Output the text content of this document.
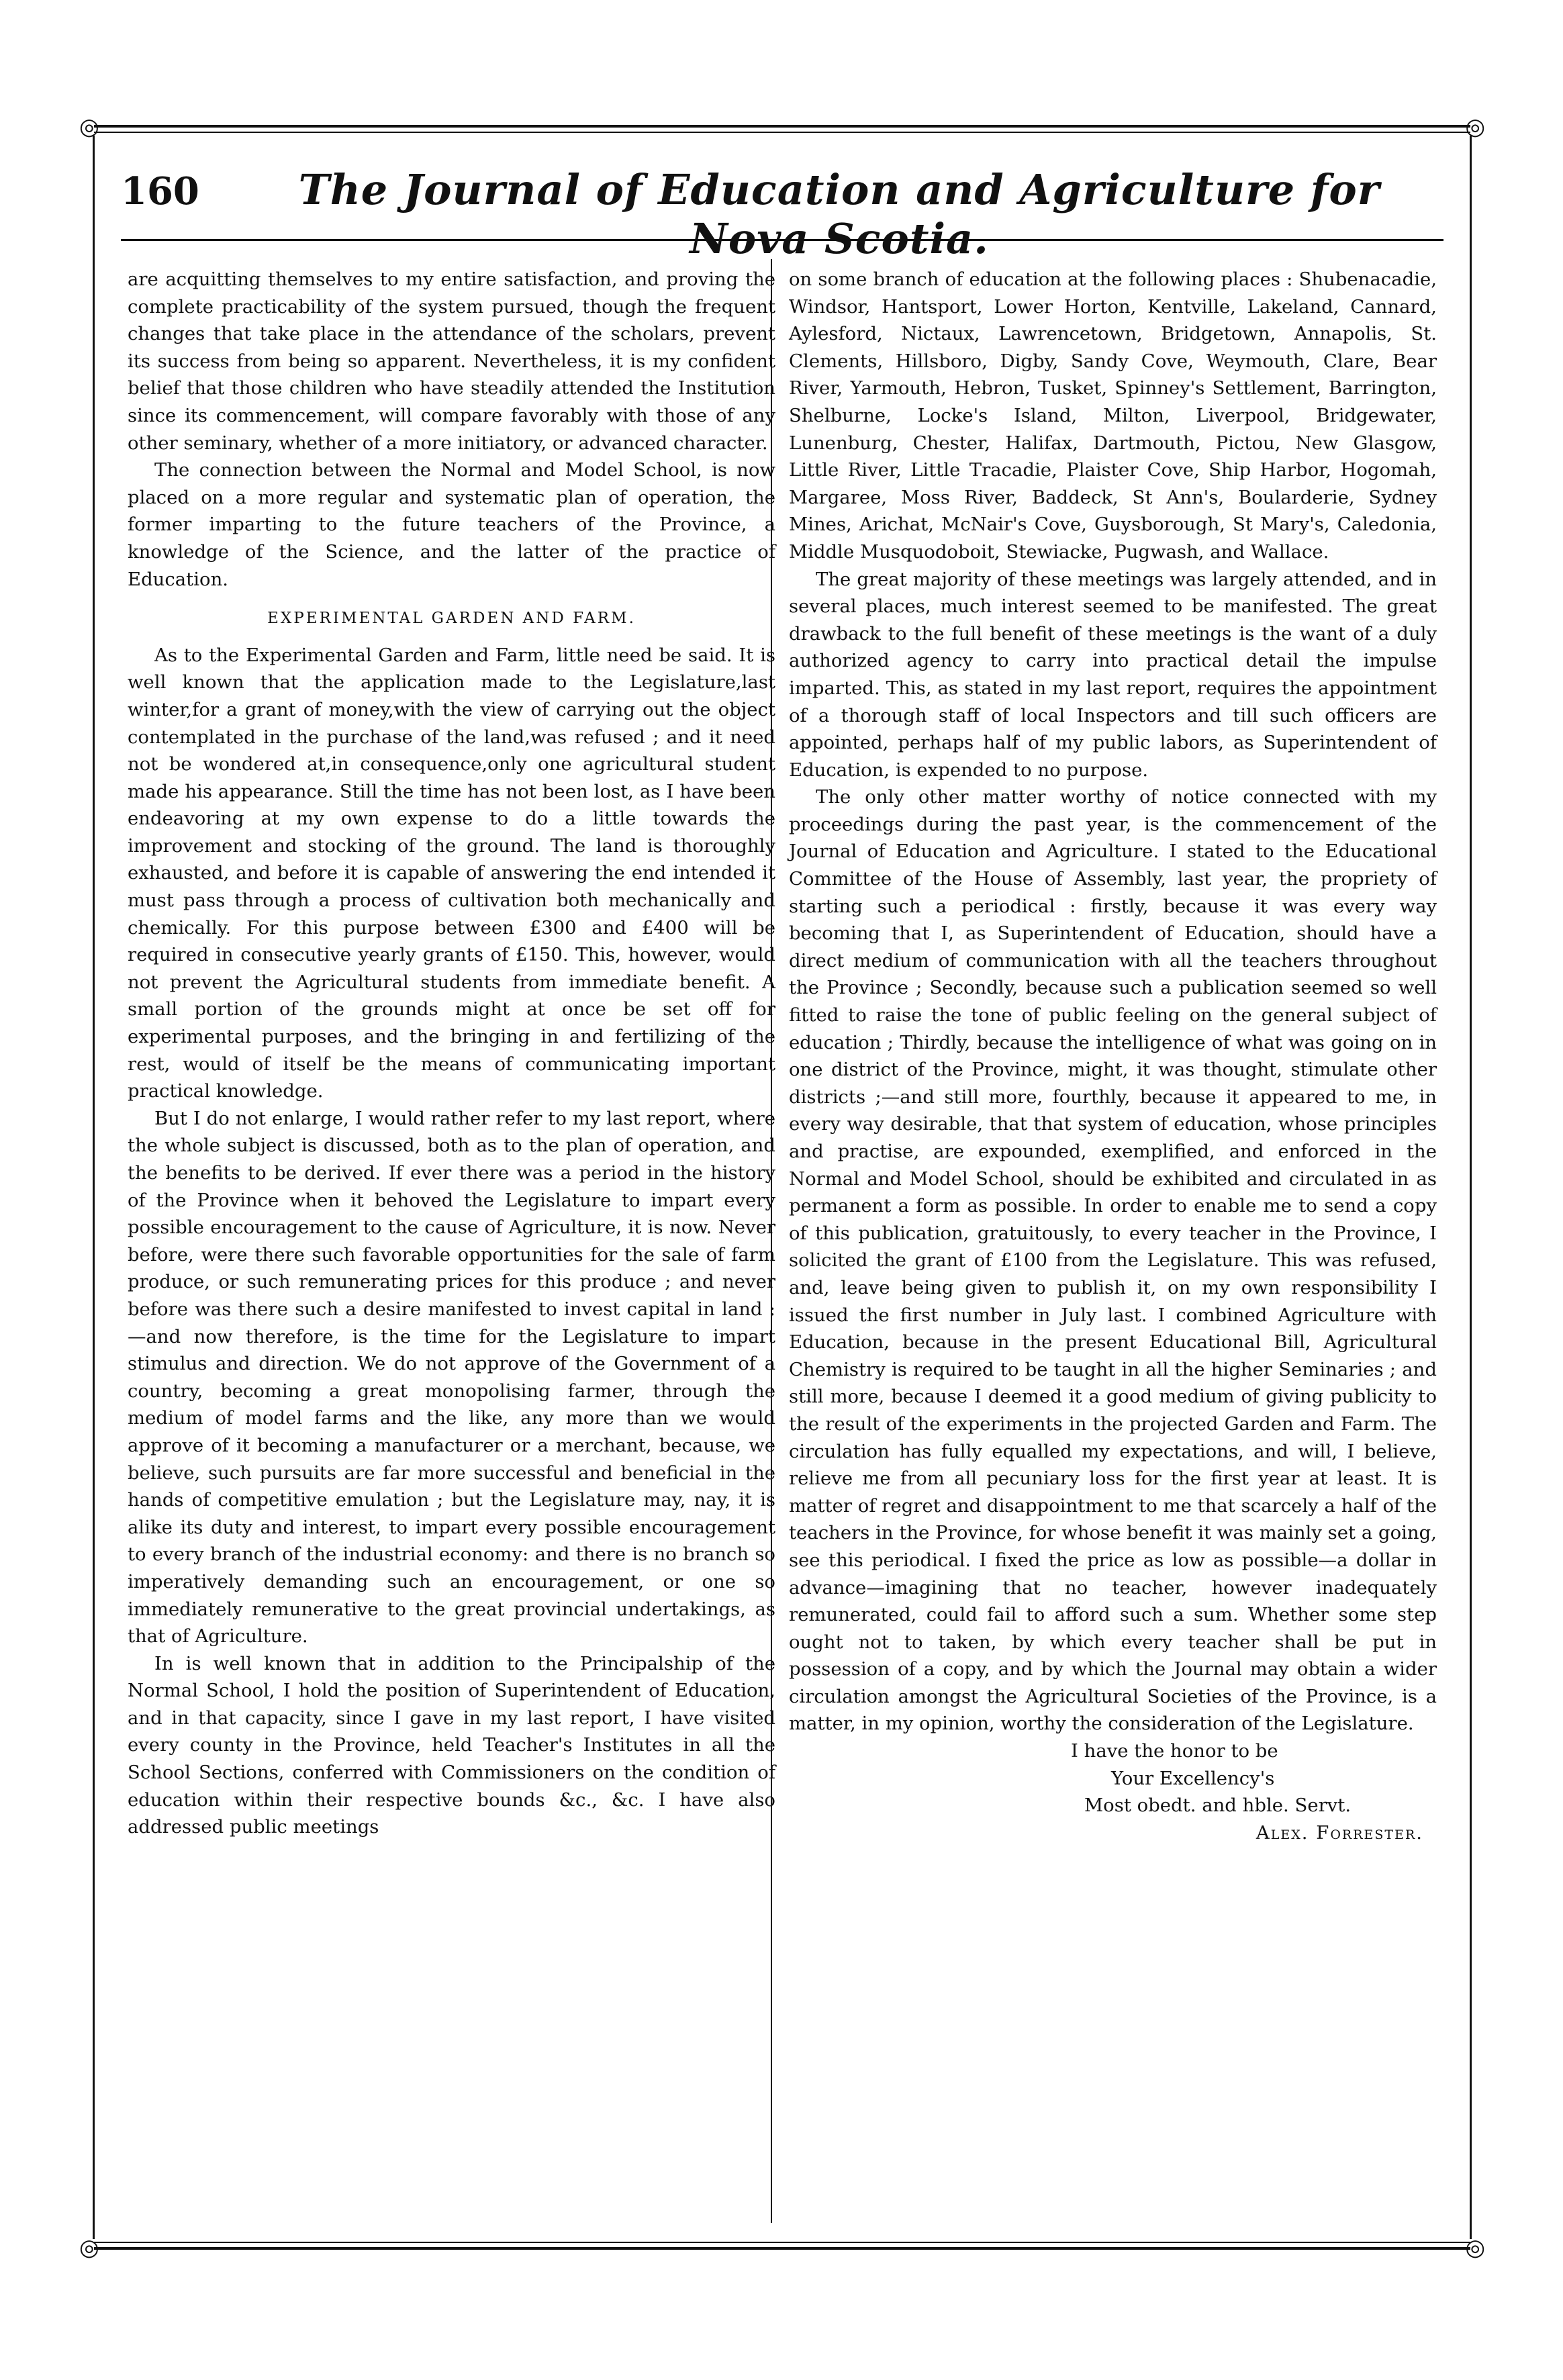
◎	◎
160	The Journal of Education and Agriculture for Nova Scotia.

are acquitting themselves to my entire satisfaction, and proving the complete practicability of the system pursued, though the frequent changes that take place in the attendance of the scholars, prevent its success from being so apparent. Nevertheless, it is my confident belief that those children who have steadily attended the Institution since its commencement, will compare favorably with those of any other seminary, whether of a more initiatory, or advanced character.

The connection between the Normal and Model School, is now placed on a more regular and systematic plan of operation, the former imparting to the future teachers of the Province, a knowledge of the Science, and the latter of the practice of Education.

EXPERIMENTAL GARDEN AND FARM.

As to the Experimental Garden and Farm, little need be said. It is well known that the application made to the Legislature,last winter,for a grant of money,with the view of carrying out the object contemplated in the purchase of the land,was refused ; and it need not be wondered at,in consequence,only one agricultural student made his appearance. Still the time has not been lost, as I have been endeavoring at my own expense to do a little towards the improvement and stocking of the ground. The land is thoroughly exhausted, and before it is capable of answering the end intended it must pass through a process of cultivation both mechanically and chemically. For this purpose between £300 and £400 will be required in consecutive yearly grants of £150. This, however, would not prevent the Agricultural students from immediate benefit. A small portion of the grounds might at once be set off for experimental purposes, and the bringing in and fertilizing of the rest, would of itself be the means of communicating important practical knowledge.

But I do not enlarge, I would rather refer to my last report, where the whole subject is discussed, both as to the plan of operation, and the benefits to be derived. If ever there was a period in the history of the Province when it behoved the Legislature to impart every possible encouragement to the cause of Agriculture, it is now. Never before, were there such favorable opportunities for the sale of farm produce, or such remunerating prices for this produce ; and never before was there such a desire manifested to invest capital in land :—and now therefore, is the time for the Legislature to impart stimulus and direction. We do not approve of the Government of a country, becoming a great monopolising farmer, through the medium of model farms and the like, any more than we would approve of it becoming a manufacturer or a merchant, because, we believe, such pursuits are far more successful and beneficial in the hands of competitive emulation ; but the Legislature may, nay, it is alike its duty and interest, to impart every possible encouragement to every branch of the industrial economy: and there is no branch so imperatively demanding such an encouragement, or one so immediately remunerative to the great provincial undertakings, as that of Agriculture.

In is well known that in addition to the Principalship of the Normal School, I hold the position of Superintendent of Education, and in that capacity, since I gave in my last report, I have visited every county in the Province, held Teacher's Institutes in all the School Sections, conferred with Commissioners on the condition of education within their respective bounds &c., &c. I have also addressed public meetings

on some branch of education at the following places : Shubenacadie, Windsor, Hantsport, Lower Horton, Kentville, Lakeland, Cannard, Aylesford, Nictaux, Lawrencetown, Bridgetown, Annapolis, St. Clements, Hillsboro, Digby, Sandy Cove, Weymouth, Clare, Bear River, Yarmouth, Hebron, Tusket, Spinney's Settlement, Barrington, Shelburne, Locke's Island, Milton, Liverpool, Bridgewater, Lunenburg, Chester, Halifax, Dartmouth, Pictou, New Glasgow, Little River, Little Tracadie, Plaister Cove, Ship Harbor, Hogomah, Margaree, Moss River, Baddeck, St Ann's, Boularderie, Sydney Mines, Arichat, McNair's Cove, Guysborough, St Mary's, Caledonia, Middle Musquodoboit, Stewiacke, Pugwash, and Wallace.

The great majority of these meetings was largely attended, and in several places, much interest seemed to be manifested. The great drawback to the full benefit of these meetings is the want of a duly authorized agency to carry into practical detail the impulse imparted. This, as stated in my last report, requires the appointment of a thorough staff of local Inspectors and till such officers are appointed, perhaps half of my public labors, as Superintendent of Education, is expended to no purpose.

The only other matter worthy of notice connected with my proceedings during the past year, is the commencement of the Journal of Education and Agriculture. I stated to the Educational Committee of the House of Assembly, last year, the propriety of starting such a periodical : firstly, because it was every way becoming that I, as Superintendent of Education, should have a direct medium of communication with all the teachers throughout the Province ; Secondly, because such a publication seemed so well fitted to raise the tone of public feeling on the general subject of education ; Thirdly, because the intelligence of what was going on in one district of the Province, might, it was thought, stimulate other districts ;—and still more, fourthly, because it appeared to me, in every way desirable, that that system of education, whose principles and practise, are expounded, exemplified, and enforced in the Normal and Model School, should be exhibited and circulated in as permanent a form as possible. In order to enable me to send a copy of this publication, gratuitously, to every teacher in the Province, I solicited the grant of £100 from the Legislature. This was refused, and, leave being given to publish it, on my own responsibility I issued the first number in July last. I combined Agriculture with Education, because in the present Educational Bill, Agricultural Chemistry is required to be taught in all the higher Seminaries ; and still more, because I deemed it a good medium of giving publicity to the result of the experiments in the projected Garden and Farm. The circulation has fully equalled my expectations, and will, I believe, relieve me from all pecuniary loss for the first year at least. It is matter of regret and disappointment to me that scarcely a half of the teachers in the Province, for whose benefit it was mainly set a going, see this periodical. I fixed the price as low as possible—a dollar in advance—imagining that no teacher, however inadequately remunerated, could fail to afford such a sum. Whether some step ought not to taken, by which every teacher shall be put in possession of a copy, and by which the Journal may obtain a wider circulation amongst the Agricultural Societies of the Province, is a matter, in my opinion, worthy the consideration of the Legislature.

I have the honor to be
Your Excellency's
Most obedt. and hble. Servt.
Alex. Forrester.
◎	◎
